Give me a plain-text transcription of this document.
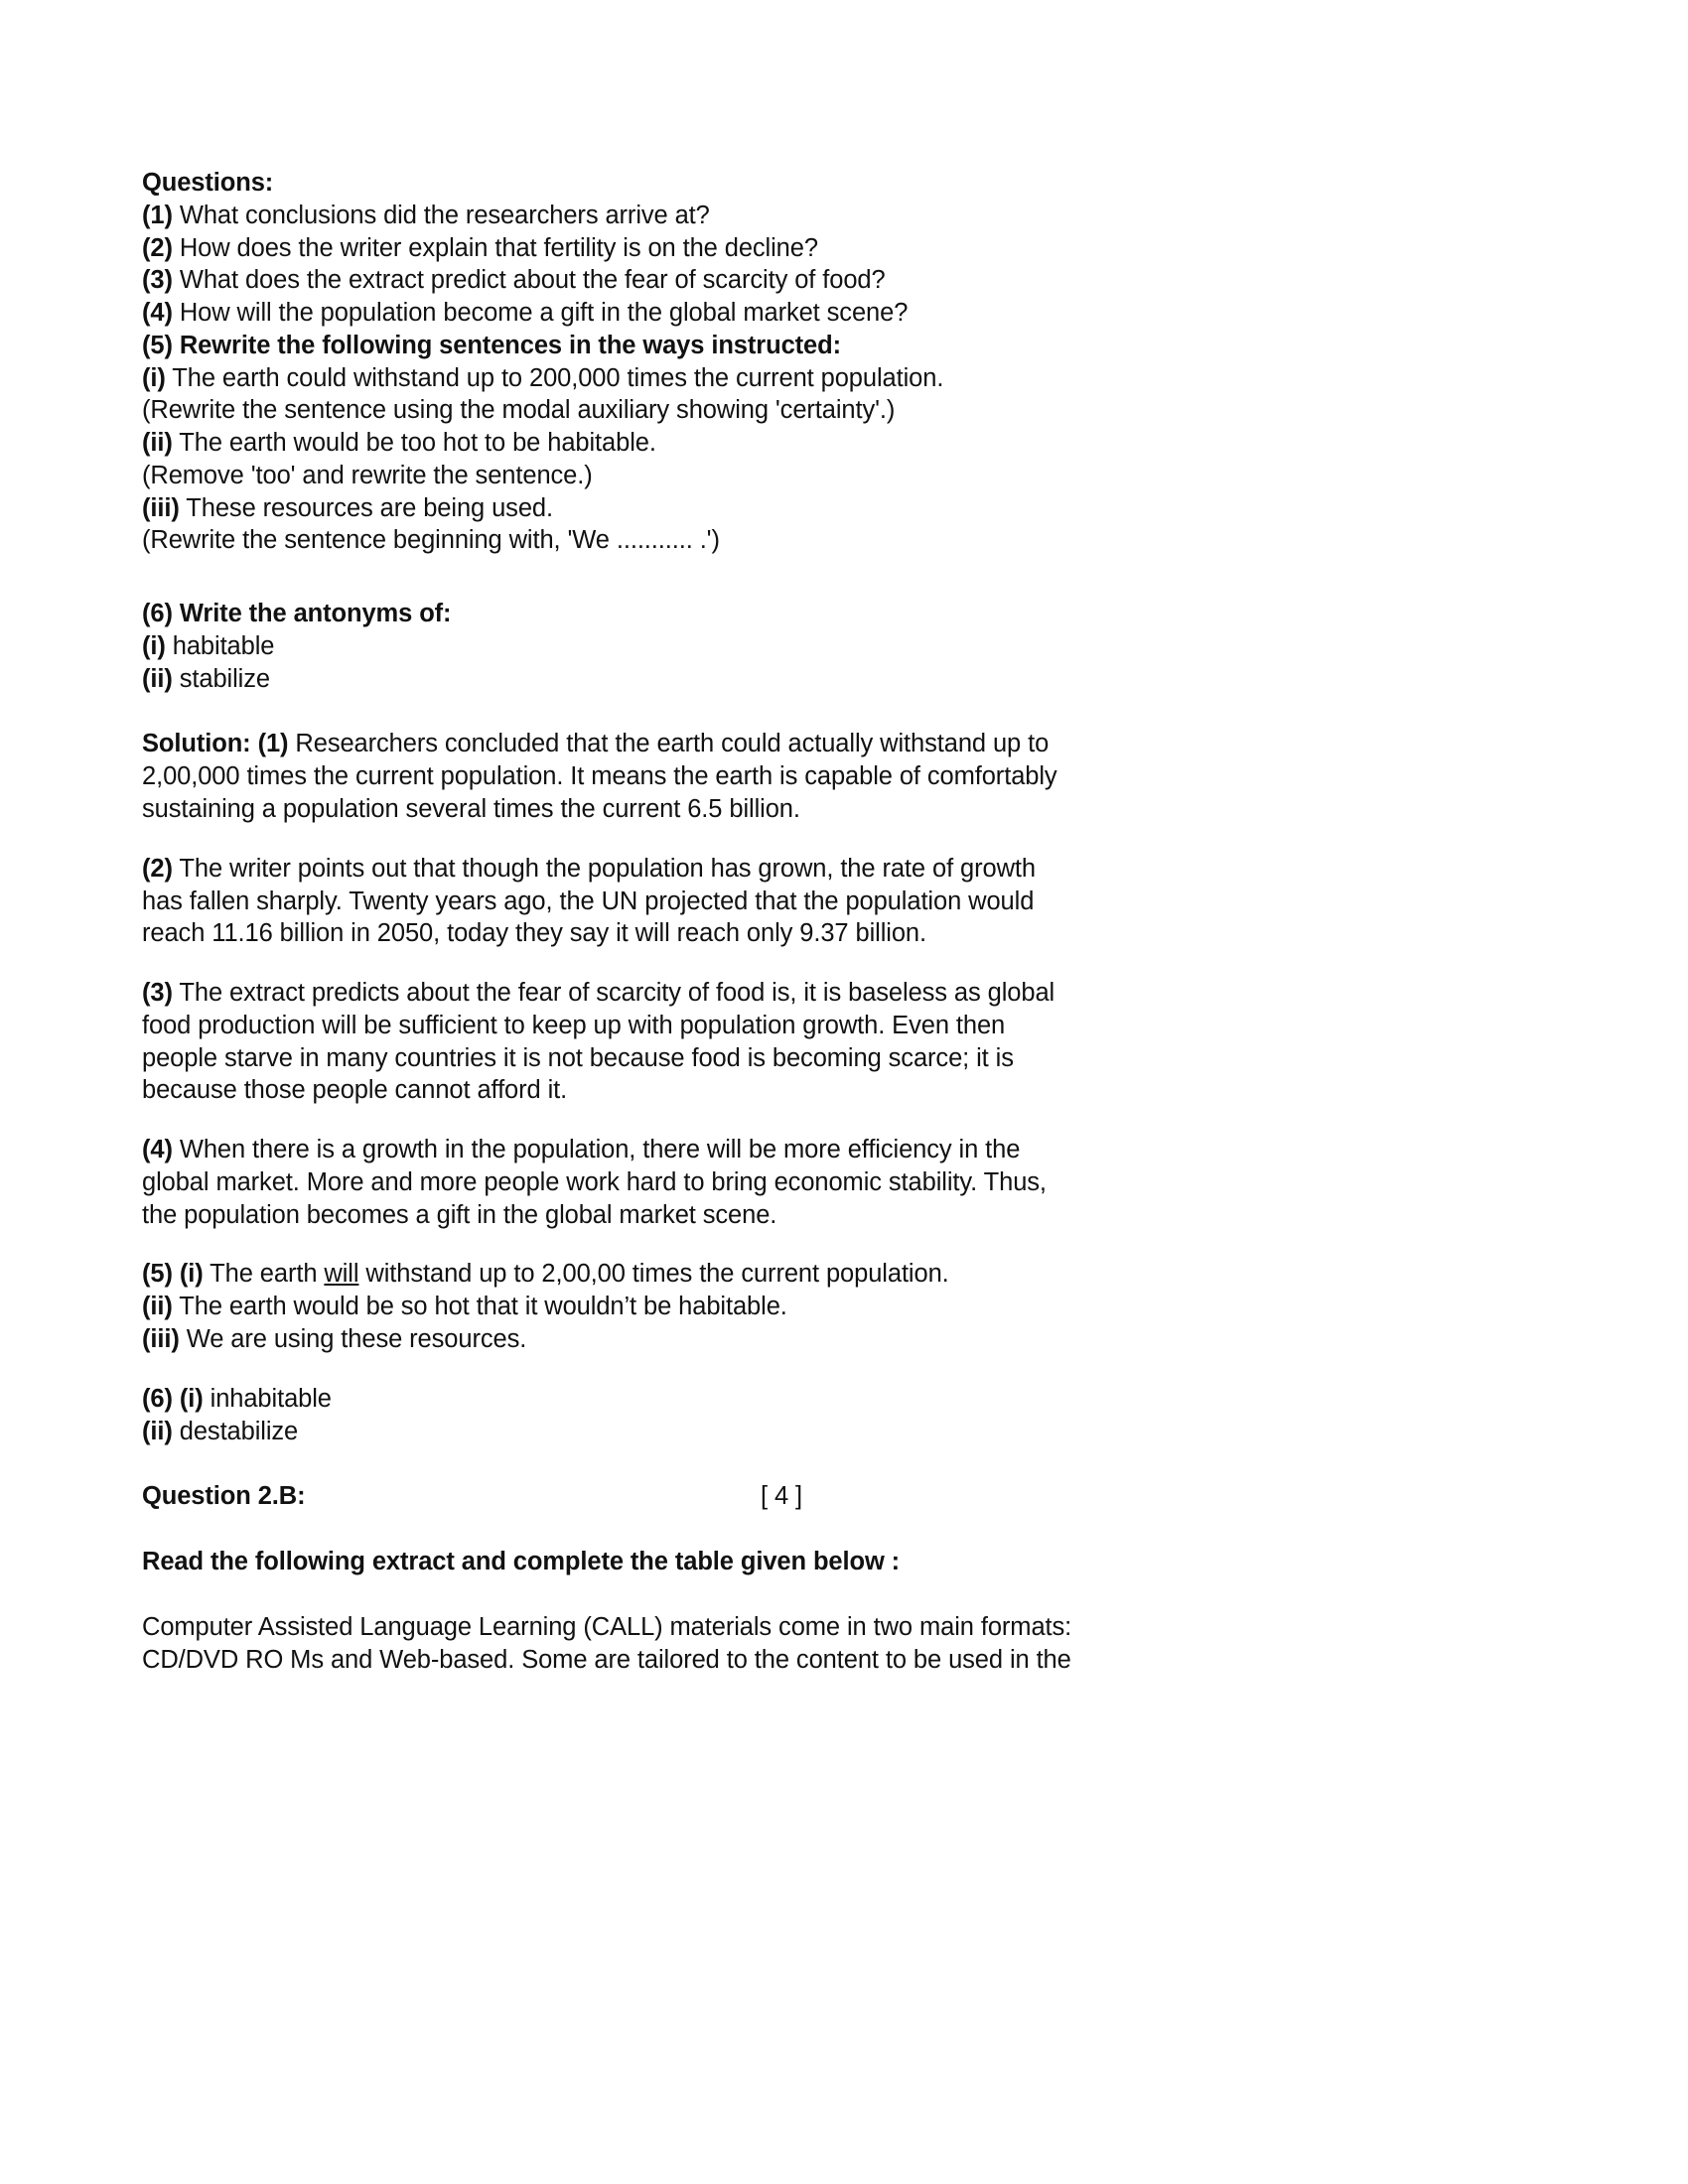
Questions:
(1) What conclusions did the researchers arrive at?
(2) How does the writer explain that fertility is on the decline?
(3) What does the extract predict about the fear of scarcity of food?
(4) How will the population become a gift in the global market scene?
(5) Rewrite the following sentences in the ways instructed:
(i) The earth could withstand up to 200,000 times the current population.
(Rewrite the sentence using the modal auxiliary showing 'certainty'.)
(ii) The earth would be too hot to be habitable.
(Remove 'too' and rewrite the sentence.)
(iii) These resources are being used.
(Rewrite the sentence beginning with, 'We ........... .')
(6) Write the antonyms of:
(i) habitable
(ii) stabilize

Solution: (1) Researchers concluded that the earth could actually withstand up to 2,00,000 times the current population. It means the earth is capable of comfortably sustaining a population several times the current 6.5 billion.

(2) The writer points out that though the population has grown, the rate of growth has fallen sharply. Twenty years ago, the UN projected that the population would reach 11.16 billion in 2050, today they say it will reach only 9.37 billion.

(3) The extract predicts about the fear of scarcity of food is, it is baseless as global food production will be sufficient to keep up with population growth. Even then people starve in many countries it is not because food is becoming scarce; it is because those people cannot afford it.

(4) When there is a growth in the population, there will be more efficiency in the global market. More and more people work hard to bring economic stability. Thus, the population becomes a gift in the global market scene.

(5) (i) The earth will withstand up to 2,00,00 times the current population.
(ii) The earth would be so hot that it wouldn’t be habitable.
(iii) We are using these resources.
(6) (i) inhabitable
(ii) destabilize
Question 2.B:	[ 4 ]

Read the following extract and complete the table given below :

Computer Assisted Language Learning (CALL) materials come in two main formats: CD/DVD RO Ms and Web-based. Some are tailored to the content to be used in the
